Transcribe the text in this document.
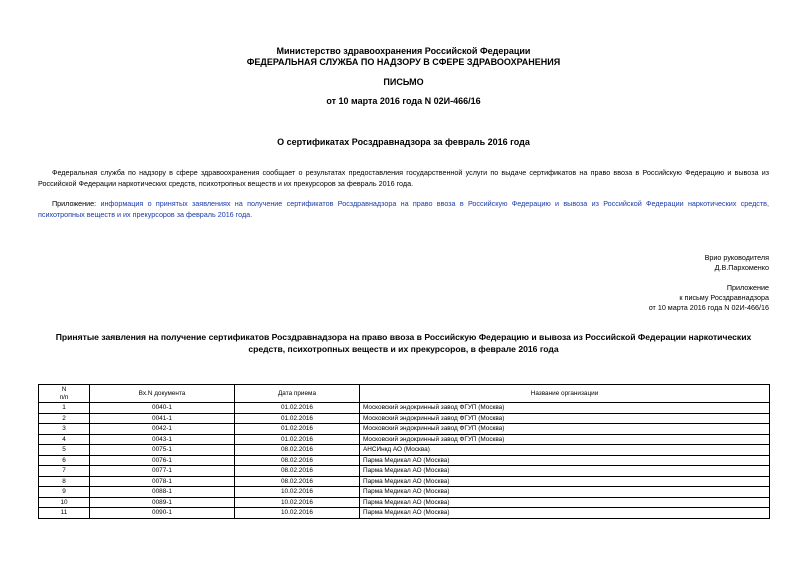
Министерство здравоохранения Российской Федерации
ФЕДЕРАЛЬНАЯ СЛУЖБА ПО НАДЗОРУ В СФЕРЕ ЗДРАВООХРАНЕНИЯ
ПИСЬМО
от 10 марта 2016 года N 02И-466/16
О сертификатах Росздравнадзора за февраль 2016 года
Федеральная служба по надзору в сфере здравоохранения сообщает о результатах предоставления государственной услуги по выдаче сертификатов на право ввоза в Российскую Федерацию и вывоза из Российской Федерации наркотических средств, психотропных веществ и их прекурсоров за февраль 2016 года.
Приложение: информация о принятых заявлениях на получение сертификатов Росздравнадзора на право ввоза в Российскую Федерацию и вывоза из Российской Федерации наркотических средств, психотропных веществ и их прекурсоров за февраль 2016 года.
Врио руководителя
Д.В.Пархоменко
Приложение
к письму Росздравнадзора
от 10 марта 2016 года N 02И-466/16
Принятые заявления на получение сертификатов Росздравнадзора на право ввоза в Российскую Федерацию и вывоза из Российской Федерации наркотических средств, психотропных веществ и их прекурсоров, в феврале 2016 года
N
п/п	Вх.N документа	Дата приема	Название организации
1	0040-1	01.02.2016	Московский эндокринный завод ФГУП (Москва)
2	0041-1	01.02.2016	Московский эндокринный завод ФГУП (Москва)
3	0042-1	01.02.2016	Московский эндокринный завод ФГУП (Москва)
4	0043-1	01.02.2016	Московский эндокринный завод ФГУП (Москва)
5	0075-1	08.02.2016	АНСИнкд АО (Москва)
6	0076-1	08.02.2016	Парма Медикал АО (Москва)
7	0077-1	08.02.2016	Парма Медикал АО (Москва)
8	0078-1	08.02.2016	Парма Медикал АО (Москва)
9	0088-1	10.02.2016	Парма Медикал АО (Москва)
10	0089-1	10.02.2016	Парма Медикал АО (Москва)
11	0090-1	10.02.2016	Парма Медикал АО (Москва)
